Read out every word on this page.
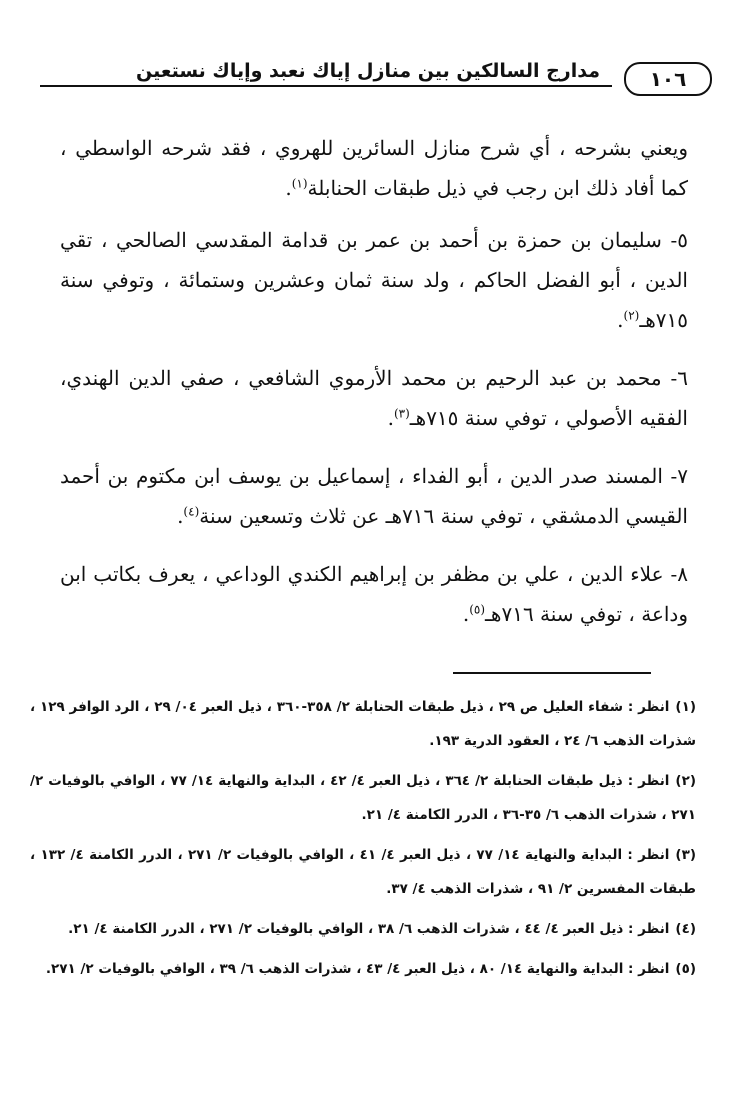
مدارج السالكين بين منازل إياك نعبد وإياك نستعين	١٠٦

ويعني بشرحه ، أي شرح منازل السائرين للهروي ، فقد شرحه الواسطي ، كما أفاد ذلك ابن رجب في ذيل طبقات الحنابلة$^{(١)}$.

٥- سليمان بن حمزة بن أحمد بن عمر بن قدامة المقدسي الصالحي ، تقي الدين ، أبو الفضل الحاكم ، ولد سنة ثمان وعشرين وستمائة ، وتوفي سنة ٧١٥هـ$^{(٢)}$.

٦- محمد بن عبد الرحيم بن محمد الأرموي الشافعي ، صفي الدين الهندي، الفقيه الأصولي ، توفي سنة ٧١٥هـ$^{(٣)}$.

٧- المسند صدر الدين ، أبو الفداء ، إسماعيل بن يوسف ابن مكتوم بن أحمد القيسي الدمشقي ، توفي سنة ٧١٦هـ عن ثلاث وتسعين سنة$^{(٤)}$.

٨- علاء الدين ، علي بن مظفر بن إبراهيم الكندي الوداعي ، يعرف بكاتب ابن وداعة ، توفي سنة ٧١٦هـ$^{(٥)}$.

(١)انظر : شفاء العليل ص ٢٩ ، ذيل طبقات الحنابلة ٢/ ٣٥٨-٣٦٠ ، ذيل العبر ٠٤/ ٢٩ ، الرد الوافر ١٢٩ ، شذرات الذهب ٦/ ٢٤ ، العقود الدرية ١٩٣.

(٢)انظر : ذيل طبقات الحنابلة ٢/ ٣٦٤ ، ذيل العبر ٤/ ٤٢ ، البداية والنهاية ١٤/ ٧٧ ، الوافي بالوفيات ٢/ ٢٧١ ، شذرات الذهب ٦/ ٣٥-٣٦ ، الدرر الكامنة ٤/ ٢١.

(٣)انظر : البداية والنهاية ١٤/ ٧٧ ، ذيل العبر ٤/ ٤١ ، الوافي بالوفيات ٢/ ٢٧١ ، الدرر الكامنة ٤/ ١٣٢ ، طبقات المفسرين ٢/ ٩١ ، شذرات الذهب ٤/ ٣٧.

(٤)انظر : ذيل العبر ٤/ ٤٤ ، شذرات الذهب ٦/ ٣٨ ، الوافي بالوفيات ٢/ ٢٧١ ، الدرر الكامنة ٤/ ٢١.

(٥)انظر : البداية والنهاية ١٤/ ٨٠ ، ذيل العبر ٤/ ٤٣ ، شذرات الذهب ٦/ ٣٩ ، الوافي بالوفيات ٢/ ٢٧١.
